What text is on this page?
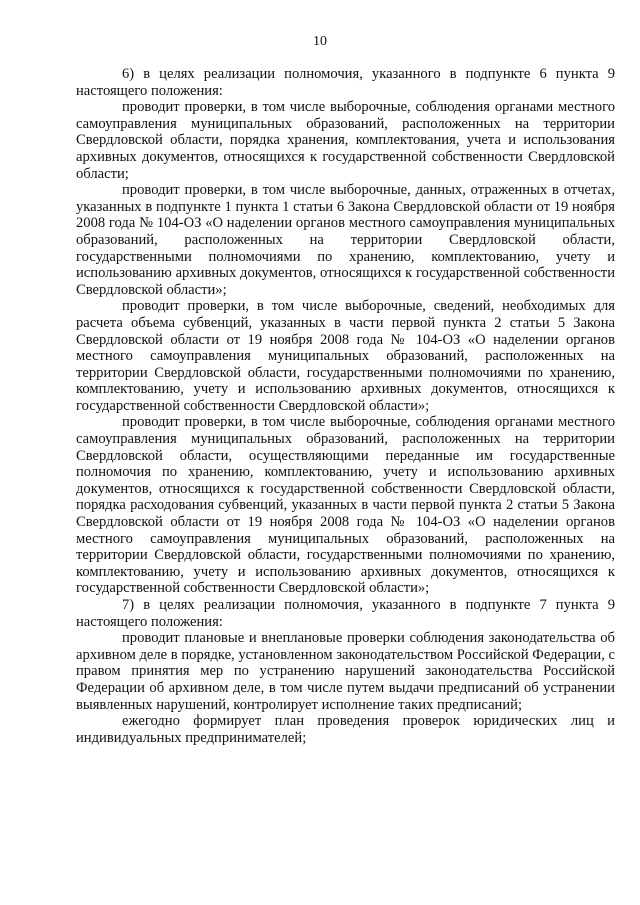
10

6) в целях реализации полномочия, указанного в подпункте 6 пункта 9 настоящего положения:

проводит проверки, в том числе выборочные, соблюдения органами местного самоуправления муниципальных образований, расположенных на территории Свердловской области, порядка хранения, комплектования, учета и использования архивных документов, относящихся к государственной собственности Свердловской области;

проводит проверки, в том числе выборочные, данных, отраженных в отчетах, указанных в подпункте 1 пункта 1 статьи 6 Закона Свердловской области от 19 ноября 2008 года № 104-ОЗ «О наделении органов местного самоуправления муниципальных образований, расположенных на территории Свердловской области, государственными полномочиями по хранению, комплектованию, учету и использованию архивных документов, относящихся к государственной собственности Свердловской области»;

проводит проверки, в том числе выборочные, сведений, необходимых для расчета объема субвенций, указанных в части первой пункта 2 статьи 5 Закона Свердловской области от 19 ноября 2008 года № 104-ОЗ «О наделении органов местного самоуправления муниципальных образований, расположенных на территории Свердловской области, государственными полномочиями по хранению, комплектованию, учету и использованию архивных документов, относящихся к государственной собственности Свердловской области»;

проводит проверки, в том числе выборочные, соблюдения органами местного самоуправления муниципальных образований, расположенных на территории Свердловской области, осуществляющими переданные им государственные полномочия по хранению, комплектованию, учету и использованию архивных документов, относящихся к государственной собственности Свердловской области, порядка расходования субвенций, указанных в части первой пункта 2 статьи 5 Закона Свердловской области от 19 ноября 2008 года № 104-ОЗ «О наделении органов местного самоуправления муниципальных образований, расположенных на территории Свердловской области, государственными полномочиями по хранению, комплектованию, учету и использованию архивных документов, относящихся к государственной собственности Свердловской области»;

7) в целях реализации полномочия, указанного в подпункте 7 пункта 9 настоящего положения:

проводит плановые и внеплановые проверки соблюдения законодательства об архивном деле в порядке, установленном законодательством Российской Федерации, с правом принятия мер по устранению нарушений законодательства Российской Федерации об архивном деле, в том числе путем выдачи предписаний об устранении выявленных нарушений, контролирует исполнение таких предписаний;

ежегодно формирует план проведения проверок юридических лиц и индивидуальных предпринимателей;
